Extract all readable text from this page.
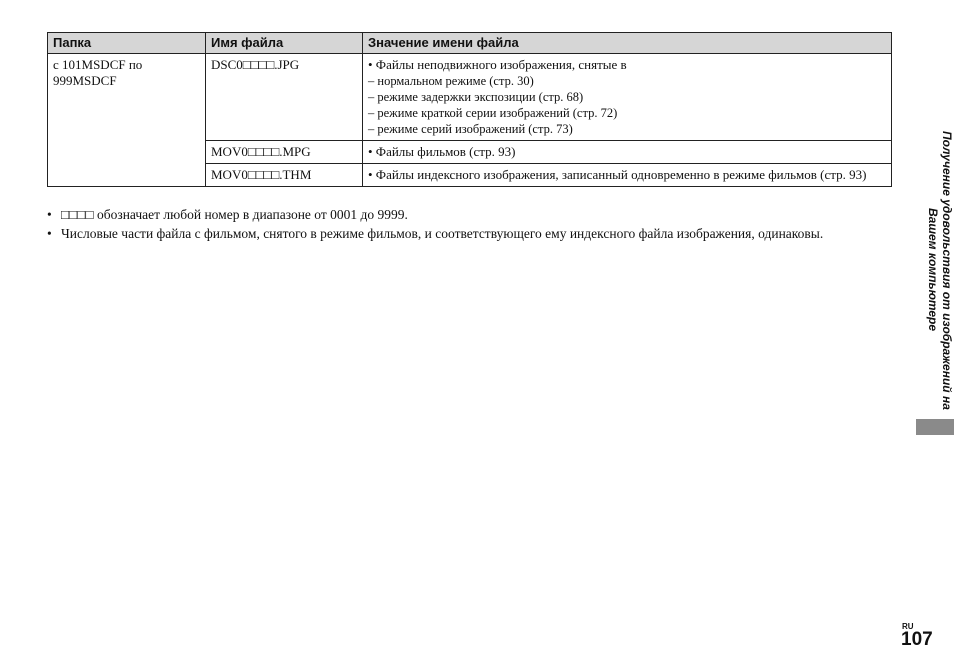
Папка	Имя файла	Значение имени файла
с 101MSDCF по 999MSDCF	DSC0□□□□.JPG	• Файлы неподвижного изображения, снятые в
– нормальном режиме (стр. 30)
– режиме задержки экспозиции (стр. 68)
– режиме краткой серии изображений (стр. 72)
– режиме серий изображений (стр. 73)

	MOV0□□□□.MPG	• Файлы фильмов (стр. 93)

	MOV0□□□□.THM	• Файлы индексного изображения, записанный одновременно в режиме фильмов (стр. 93)
• □□□□ обозначает любой номер в диапазоне от 0001 до 9999.
• Числовые части файла с фильмом, снятого в режиме фильмов, и соответствующего ему индексного файла изображения, одинаковы.	Получение удовольствия от изображений на Вашем компьютере
RU
107
